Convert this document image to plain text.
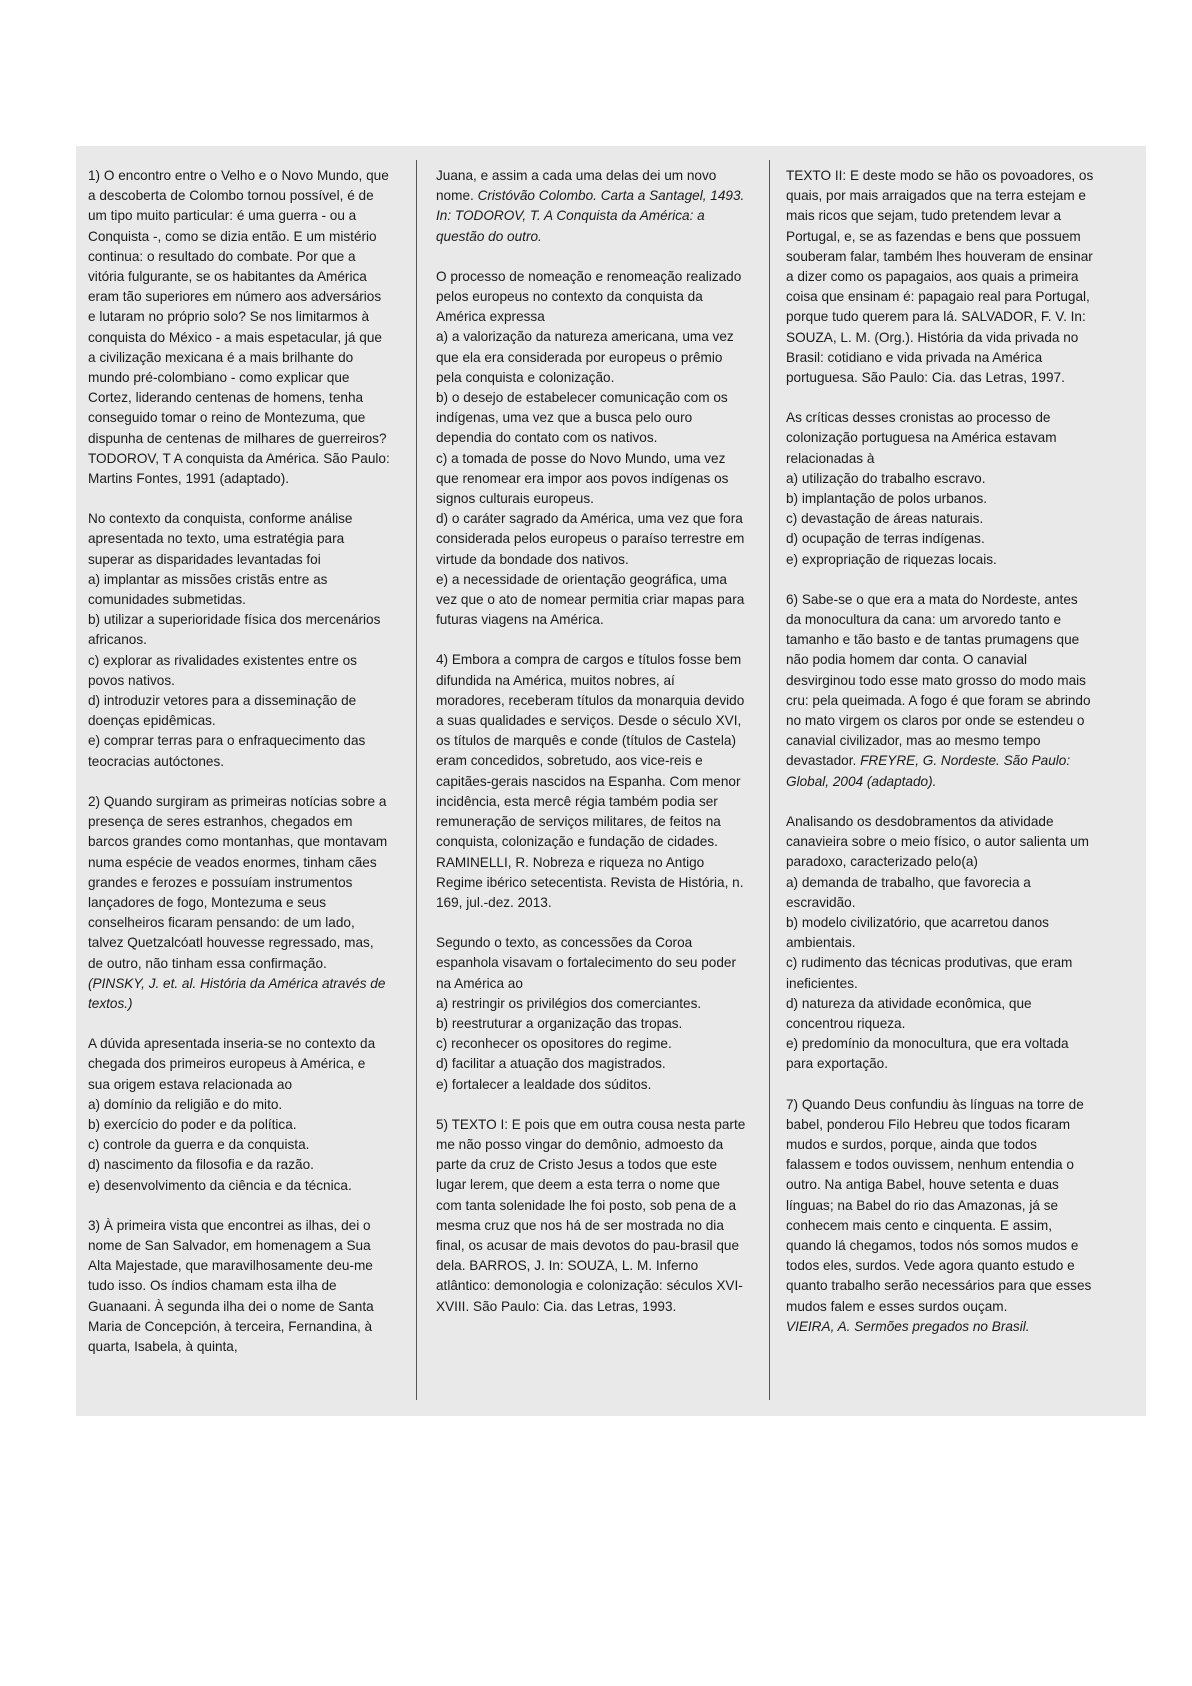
1) O encontro entre o Velho e o Novo Mundo, que a descoberta de Colombo tornou possível, é de um tipo muito particular: é uma guerra - ou a Conquista -, como se dizia então. E um mistério continua: o resultado do combate. Por que a vitória fulgurante, se os habitantes da América eram tão superiores em número aos adversários e lutaram no próprio solo? Se nos limitarmos à conquista do México - a mais espetacular, já que a civilização mexicana é a mais brilhante do mundo pré-colombiano - como explicar que Cortez, liderando centenas de homens, tenha conseguido tomar o reino de Montezuma, que dispunha de centenas de milhares de guerreiros? TODOROV, T A conquista da América. São Paulo: Martins Fontes, 1991 (adaptado).

No contexto da conquista, conforme análise apresentada no texto, uma estratégia para superar as disparidades levantadas foi
a) implantar as missões cristãs entre as comunidades submetidas.
b) utilizar a superioridade física dos mercenários africanos.
c) explorar as rivalidades existentes entre os povos nativos.
d) introduzir vetores para a disseminação de doenças epidêmicas.
e) comprar terras para o enfraquecimento das teocracias autóctones.

2) Quando surgiram as primeiras notícias sobre a presença de seres estranhos, chegados em barcos grandes como montanhas, que montavam numa espécie de veados enormes, tinham cães grandes e ferozes e possuíam instrumentos lançadores de fogo, Montezuma e seus conselheiros ficaram pensando: de um lado, talvez Quetzalcóatl houvesse regressado, mas, de outro, não tinham essa confirmação.
(PINSKY, J. et. al. História da América através de textos.)

A dúvida apresentada inseria-se no contexto da chegada dos primeiros europeus à América, e sua origem estava relacionada ao
a) domínio da religião e do mito.
b) exercício do poder e da política.
c) controle da guerra e da conquista.
d) nascimento da filosofia e da razão.
e) desenvolvimento da ciência e da técnica.

3) À primeira vista que encontrei as ilhas, dei o nome de San Salvador, em homenagem a Sua Alta Majestade, que maravilhosamente deu-me tudo isso. Os índios chamam esta ilha de Guanaani. À segunda ilha dei o nome de Santa Maria de Concepción, à terceira, Fernandina, à quarta, Isabela, à quinta,

Juana, e assim a cada uma delas dei um novo nome. Cristóvão Colombo. Carta a Santagel, 1493. In: TODOROV, T. A Conquista da América: a questão do outro.

O processo de nomeação e renomeação realizado pelos europeus no contexto da conquista da América expressa
a) a valorização da natureza americana, uma vez que ela era considerada por europeus o prêmio pela conquista e colonização.
b) o desejo de estabelecer comunicação com os indígenas, uma vez que a busca pelo ouro dependia do contato com os nativos.
c) a tomada de posse do Novo Mundo, uma vez que renomear era impor aos povos indígenas os signos culturais europeus.
d) o caráter sagrado da América, uma vez que fora considerada pelos europeus o paraíso terrestre em virtude da bondade dos nativos.
e) a necessidade de orientação geográfica, uma vez que o ato de nomear permitia criar mapas para futuras viagens na América.

4) Embora a compra de cargos e títulos fosse bem difundida na América, muitos nobres, aí moradores, receberam títulos da monarquia devido a suas qualidades e serviços. Desde o século XVI, os títulos de marquês e conde (títulos de Castela) eram concedidos, sobretudo, aos vice-reis e capitães-gerais nascidos na Espanha. Com menor incidência, esta mercê régia também podia ser remuneração de serviços militares, de feitos na conquista, colonização e fundação de cidades. RAMINELLI, R. Nobreza e riqueza no Antigo Regime ibérico setecentista. Revista de História, n. 169, jul.-dez. 2013.

Segundo o texto, as concessões da Coroa espanhola visavam o fortalecimento do seu poder na América ao
a) restringir os privilégios dos comerciantes.
b) reestruturar a organização das tropas.
c) reconhecer os opositores do regime.
d) facilitar a atuação dos magistrados.
e) fortalecer a lealdade dos súditos.

5) TEXTO I: E pois que em outra cousa nesta parte me não posso vingar do demônio, admoesto da parte da cruz de Cristo Jesus a todos que este lugar lerem, que deem a esta terra o nome que com tanta solenidade lhe foi posto, sob pena de a mesma cruz que nos há de ser mostrada no dia final, os acusar de mais devotos do pau-brasil que dela. BARROS, J. In: SOUZA, L. M. Inferno atlântico: demonologia e colonização: séculos XVI-XVIII. São Paulo: Cia. das Letras, 1993.

TEXTO II: E deste modo se hão os povoadores, os quais, por mais arraigados que na terra estejam e mais ricos que sejam, tudo pretendem levar a Portugal, e, se as fazendas e bens que possuem souberam falar, também lhes houveram de ensinar a dizer como os papagaios, aos quais a primeira coisa que ensinam é: papagaio real para Portugal, porque tudo querem para lá. SALVADOR, F. V. In: SOUZA, L. M. (Org.). História da vida privada no Brasil: cotidiano e vida privada na América portuguesa. São Paulo: Cia. das Letras, 1997.

As críticas desses cronistas ao processo de colonização portuguesa na América estavam relacionadas à
a) utilização do trabalho escravo.
b) implantação de polos urbanos.
c) devastação de áreas naturais.
d) ocupação de terras indígenas.
e) expropriação de riquezas locais.

6) Sabe-se o que era a mata do Nordeste, antes da monocultura da cana: um arvoredo tanto e tamanho e tão basto e de tantas prumagens que não podia homem dar conta. O canavial desvirginou todo esse mato grosso do modo mais cru: pela queimada. A fogo é que foram se abrindo no mato virgem os claros por onde se estendeu o canavial civilizador, mas ao mesmo tempo devastador. FREYRE, G. Nordeste. São Paulo: Global, 2004 (adaptado).

Analisando os desdobramentos da atividade canavieira sobre o meio físico, o autor salienta um paradoxo, caracterizado pelo(a)
a) demanda de trabalho, que favorecia a escravidão.
b) modelo civilizatório, que acarretou danos ambientais.
c) rudimento das técnicas produtivas, que eram ineficientes.
d) natureza da atividade econômica, que concentrou riqueza.
e) predomínio da monocultura, que era voltada para exportação.

7) Quando Deus confundiu às línguas na torre de babel, ponderou Filo Hebreu que todos ficaram mudos e surdos, porque, ainda que todos falassem e todos ouvissem, nenhum entendia o outro. Na antiga Babel, houve setenta e duas línguas; na Babel do rio das Amazonas, já se conhecem mais cento e cinquenta. E assim, quando lá chegamos, todos nós somos mudos e todos eles, surdos. Vede agora quanto estudo e quanto trabalho serão necessários para que esses mudos falem e esses surdos ouçam.
VIEIRA, A. Sermões pregados no Brasil.
